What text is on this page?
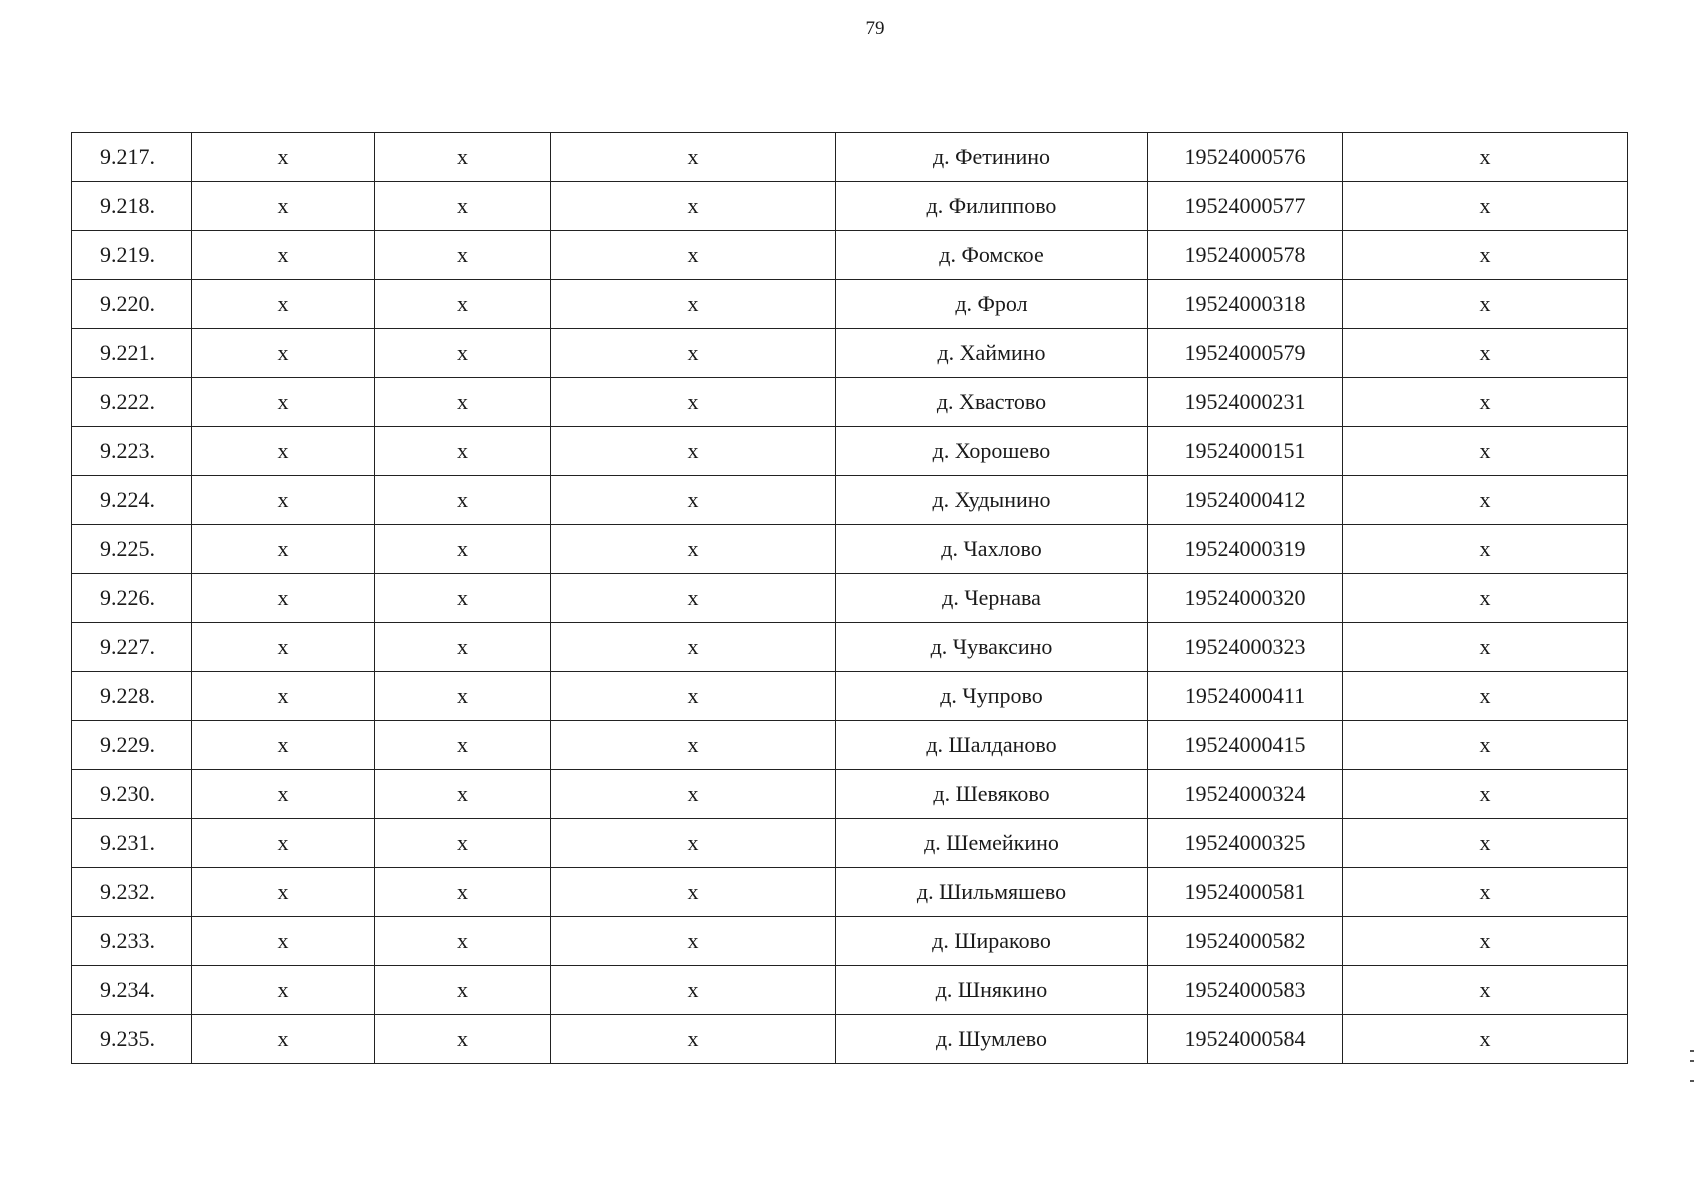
79
9.217.	x	x	x	д. Фетинино	19524000576	x
9.218.	x	x	x	д. Филиппово	19524000577	x
9.219.	x	x	x	д. Фомское	19524000578	x
9.220.	x	x	x	д. Фрол	19524000318	x
9.221.	x	x	x	д. Хаймино	19524000579	x
9.222.	x	x	x	д. Хвастово	19524000231	x
9.223.	x	x	x	д. Хорошево	19524000151	x
9.224.	x	x	x	д. Худынино	19524000412	x
9.225.	x	x	x	д. Чахлово	19524000319	x
9.226.	x	x	x	д. Чернава	19524000320	x
9.227.	x	x	x	д. Чуваксино	19524000323	x
9.228.	x	x	x	д. Чупрово	19524000411	x
9.229.	x	x	x	д. Шалданово	19524000415	x
9.230.	x	x	x	д. Шевяково	19524000324	x
9.231.	x	x	x	д. Шемейкино	19524000325	x
9.232.	x	x	x	д. Шильмяшево	19524000581	x
9.233.	x	x	x	д. Шираково	19524000582	x
9.234.	x	x	x	д. Шнякино	19524000583	x
9.235.	x	x	x	д. Шумлево	19524000584	x
